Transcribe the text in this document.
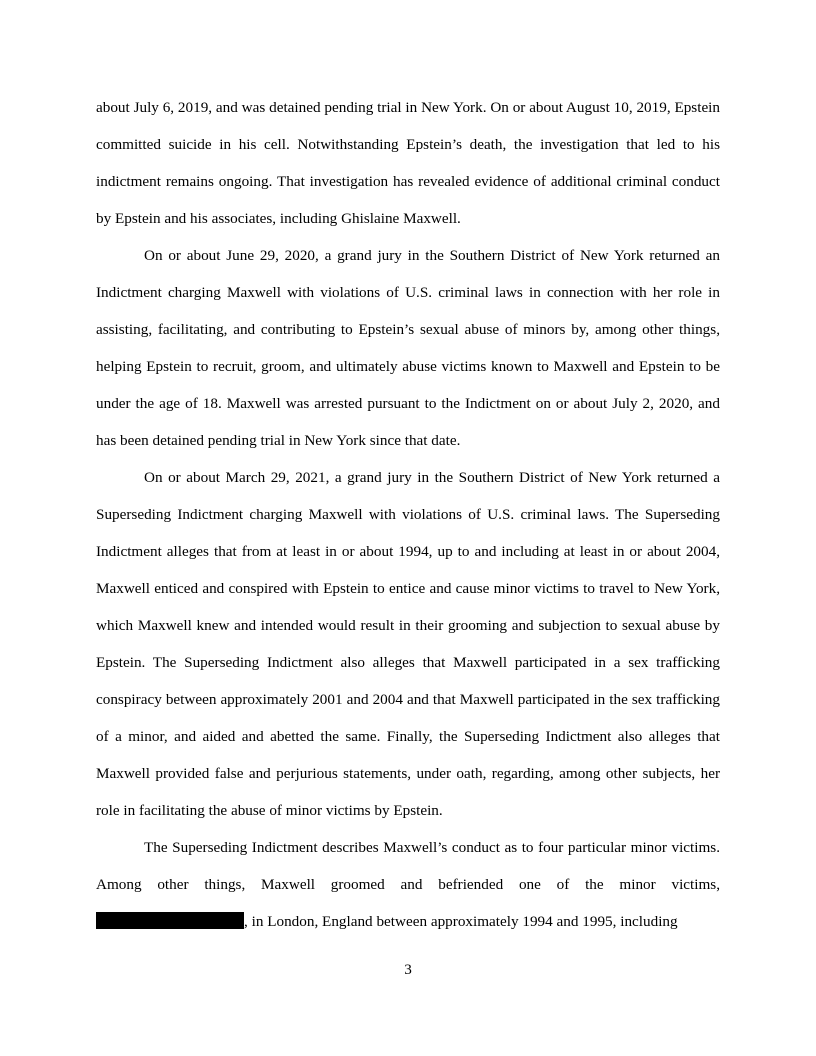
about July 6, 2019, and was detained pending trial in New York. On or about August 10, 2019, Epstein committed suicide in his cell. Notwithstanding Epstein’s death, the investigation that led to his indictment remains ongoing. That investigation has revealed evidence of additional criminal conduct by Epstein and his associates, including Ghislaine Maxwell.

On or about June 29, 2020, a grand jury in the Southern District of New York returned an Indictment charging Maxwell with violations of U.S. criminal laws in connection with her role in assisting, facilitating, and contributing to Epstein’s sexual abuse of minors by, among other things, helping Epstein to recruit, groom, and ultimately abuse victims known to Maxwell and Epstein to be under the age of 18. Maxwell was arrested pursuant to the Indictment on or about July 2, 2020, and has been detained pending trial in New York since that date.

On or about March 29, 2021, a grand jury in the Southern District of New York returned a Superseding Indictment charging Maxwell with violations of U.S. criminal laws. The Superseding Indictment alleges that from at least in or about 1994, up to and including at least in or about 2004, Maxwell enticed and conspired with Epstein to entice and cause minor victims to travel to New York, which Maxwell knew and intended would result in their grooming and subjection to sexual abuse by Epstein. The Superseding Indictment also alleges that Maxwell participated in a sex trafficking conspiracy between approximately 2001 and 2004 and that Maxwell participated in the sex trafficking of a minor, and aided and abetted the same. Finally, the Superseding Indictment also alleges that Maxwell provided false and perjurious statements, under oath, regarding, among other subjects, her role in facilitating the abuse of minor victims by Epstein.

The Superseding Indictment describes Maxwell’s conduct as to four particular minor victims. Among other things, Maxwell groomed and befriended one of the minor victims, , in London, England between approximately 1994 and 1995, including

3
